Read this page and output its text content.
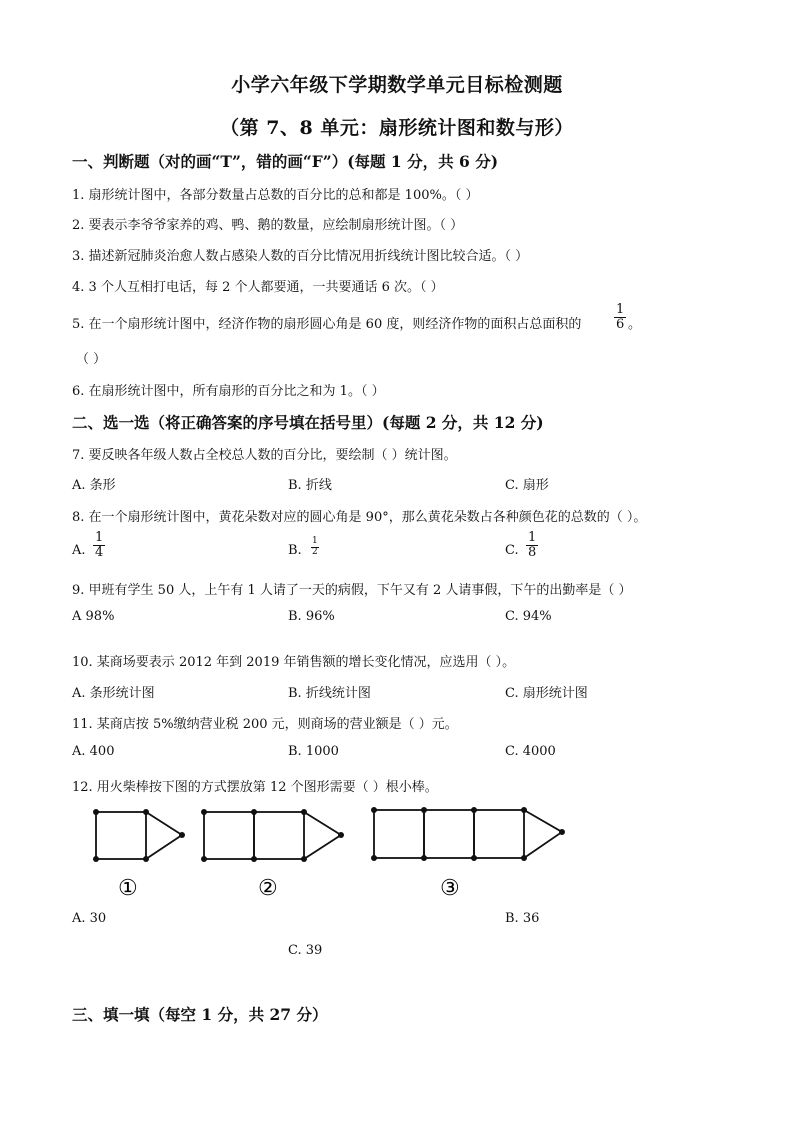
小学六年级下学期数学单元目标检测题
（第 7、8 单元：扇形统计图和数与形）
一、判断题（对的画“T”，错的画“F”）(每题 1 分，共 6 分)
1. 扇形统计图中，各部分数量占总数的百分比的总和都是 100%。（ ）
2. 要表示李爷爷家养的鸡、鸭、鹅的数量，应绘制扇形统计图。（ ）
3. 描述新冠肺炎治愈人数占感染人数的百分比情况用折线统计图比较合适。（ ）
4. 3 个人互相打电话，每 2 个人都要通，一共要通话 6 次。（ ）
5. 在一个扇形统计图中，经济作物的扇形圆心角是 60 度，则经济作物的面积占总面积的	$\frac{1}{6}$ 。
（ ）
6. 在扇形统计图中，所有扇形的百分比之和为 1。（ ）
二、选一选（将正确答案的序号填在括号里）(每题 2 分，共 12 分)
7. 要反映各年级人数占全校总人数的百分比，要绘制（ ）统计图。
A. 条形	B. 折线	C. 扇形
8. 在一个扇形统计图中，黄花朵数对应的圆心角是 90°，那么黄花朵数占各种颜色花的总数的（ ）。
A. $\frac{1}{4}$	B. $\frac{1}{2}$	C. $\frac{1}{8}$
9. 甲班有学生 50 人，上午有 1 人请了一天的病假，下午又有 2 人请事假，下午的出勤率是（ ）
A 98%	B. 96%	C. 94%
10. 某商场要表示 2012 年到 2019 年销售额的增长变化情况，应选用（ ）。
A. 条形统计图	B. 折线统计图	C. 扇形统计图
11. 某商店按 5%缴纳营业税 200 元，则商场的营业额是（ ）元。
A. 400	B. 1000	C. 4000
12. 用火柴棒按下图的方式摆放第 12 个图形需要（ ）根小棒。
①	②	③
A. 30	B. 36
C. 39
三、填一填（每空 1 分，共 27 分）
